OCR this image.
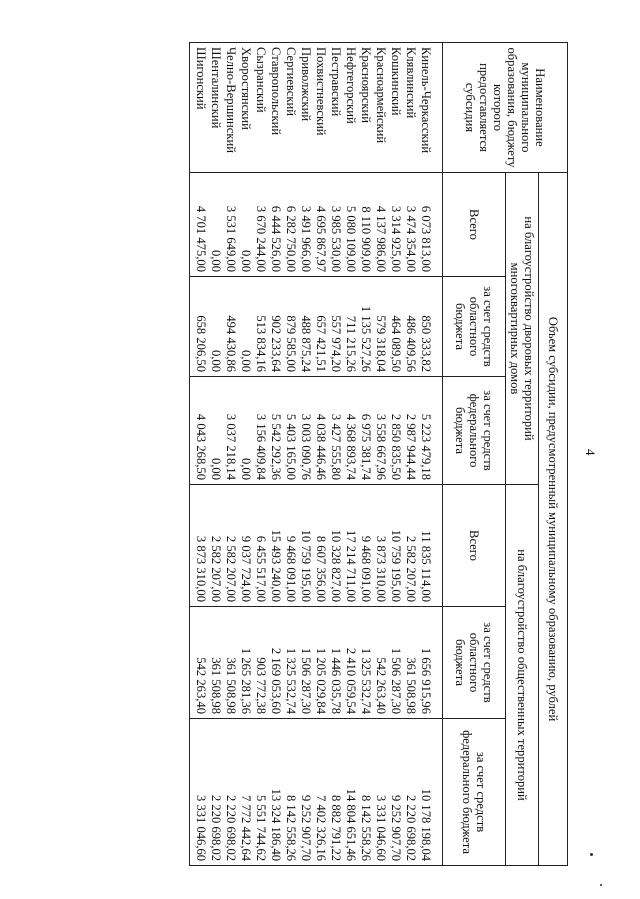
4
Наименование муниципального образования, бюджету которого предоставляется субсидия	Объем субсидии, предусмотренный муниципальному образованию, рублей					
	на благоустройство дворовых территорий многоквартирных домов			на благоустройство общественных территорий		
	Всего	за счет средств областного бюджета	за счет средств федерального бюджета	Всего	за счет средств областного бюджета	за счет средств федерального бюджета
Кинель-Черкасский	6 073 813,00	850 333,82	5 223 479,18	11 835 114,00	1 656 915,96	10 178 198,04
Клявлинский	3 474 354,00	486 409,56	2 987 944,44	2 582 207,00	361 508,98	2 220 698,02
Кошкинский	3 314 925,00	464 089,50	2 850 835,50	10 759 195,00	1 506 287,30	9 252 907,70
Красноармейский	4 137 986,00	579 318,04	3 558 667,96	3 873 310,00	542 263,40	3 331 046,60
Красноярский	8 110 909,00	1 135 527,26	6 975 381,74	9 468 091,00	1 325 532,74	8 142 558,26
Нефтегорский	5 080 109,00	711 215,26	4 368 893,74	17 214 711,00	2 410 059,54	14 804 651,46
Пестравский	3 985 530,00	557 974,20	3 427 555,80	10 328 827,00	1 446 035,78	8 882 791,22
Похвистневский	4 695 867,97	657 421,51	4 038 446,46	8 607 356,00	1 205 029,84	7 402 326,16
Приволжский	3 491 966,00	488 875,24	3 003 090,76	10 759 195,00	1 506 287,30	9 252 907,70
Сергиевский	6 282 750,00	879 585,00	5 403 165,00	9 468 091,00	1 325 532,74	8 142 558,26
Ставропольский	6 444 526,00	902 233,64	5 542 292,36	15 493 240,00	2 169 053,60	13 324 186,40
Сызранский	3 670 244,00	513 834,16	3 156 409,84	6 455 517,00	903 772,38	5 551 744,62
Хворостянский	0,00	0,00	0,00	9 037 724,00	1 265 281,36	7 772 442,64
Челно-Вершинский	3 531 649,00	494 430,86	3 037 218,14	2 582 207,00	361 508,98	2 220 698,02
Шенталинский	0,00	0,00	0,00	2 582 207,00	361 508,98	2 220 698,02
Шигонский	4 701 475,00	658 206,50	4 043 268,50	3 873 310,00	542 263,40	3 331 046,60
